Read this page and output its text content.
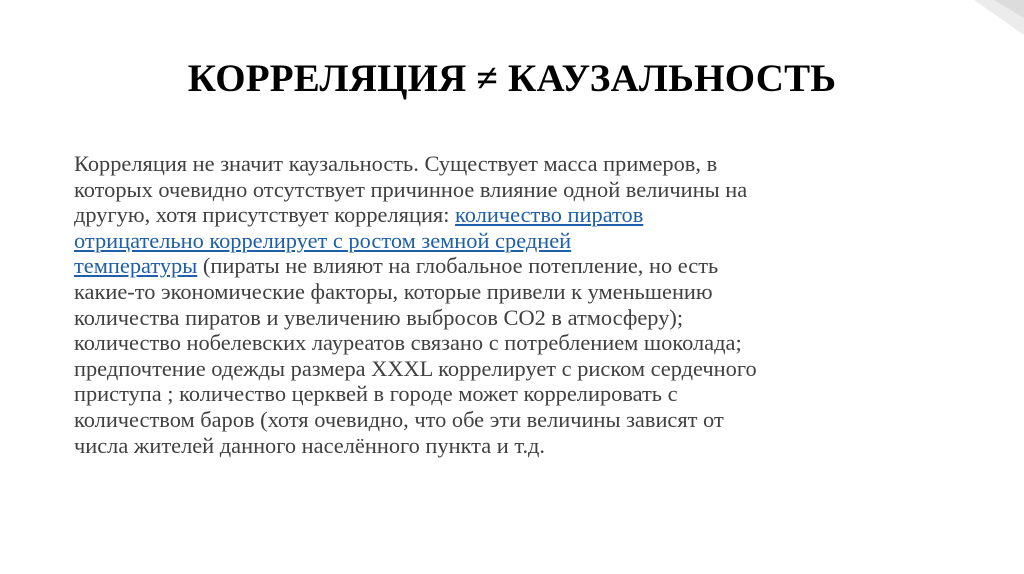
КОРРЕЛЯЦИЯ ≠ КАУЗАЛЬНОСТЬ
Корреляция не значит каузальность. Существует масса примеров, в
которых очевидно отсутствует причинное влияние одной величины на
другую, хотя присутствует корреляция: количество пиратов
отрицательно коррелирует с ростом земной средней
температуры (пираты не влияют на глобальное потепление, но есть
какие-то экономические факторы, которые привели к уменьшению
количества пиратов и увеличению выбросов CO2 в атмосферу);
количество нобелевских лауреатов связано с потреблением шоколада;
предпочтение одежды размера XXXL коррелирует с риском сердечного
приступа ; количество церквей в городе может коррелировать с
количеством баров (хотя очевидно, что обе эти величины зависят от
числа жителей данного населённого пункта и т.д.
